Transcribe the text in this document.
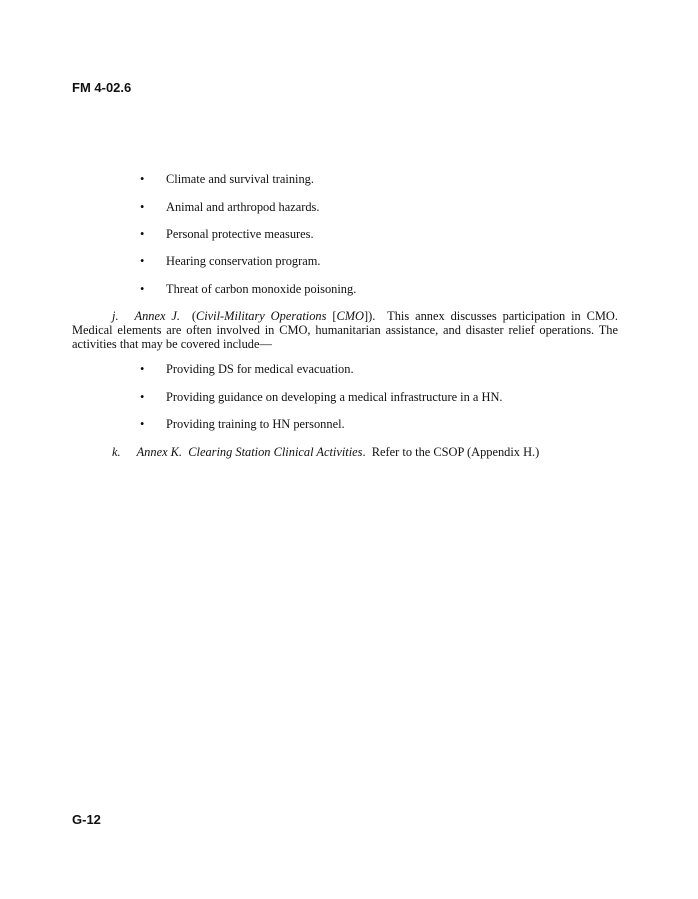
FM 4-02.6
• Climate and survival training.
• Animal and arthropod hazards.
• Personal protective measures.
• Hearing conservation program.
• Threat of carbon monoxide poisoning.
j. Annex J. (Civil-Military Operations [CMO]). This annex discusses participation in CMO. Medical elements are often involved in CMO, humanitarian assistance, and disaster relief operations. The activities that may be covered include—
• Providing DS for medical evacuation.
• Providing guidance on developing a medical infrastructure in a HN.
• Providing training to HN personnel.
k. Annex K. Clearing Station Clinical Activities.  Refer to the CSOP (Appendix H.)
G-12
